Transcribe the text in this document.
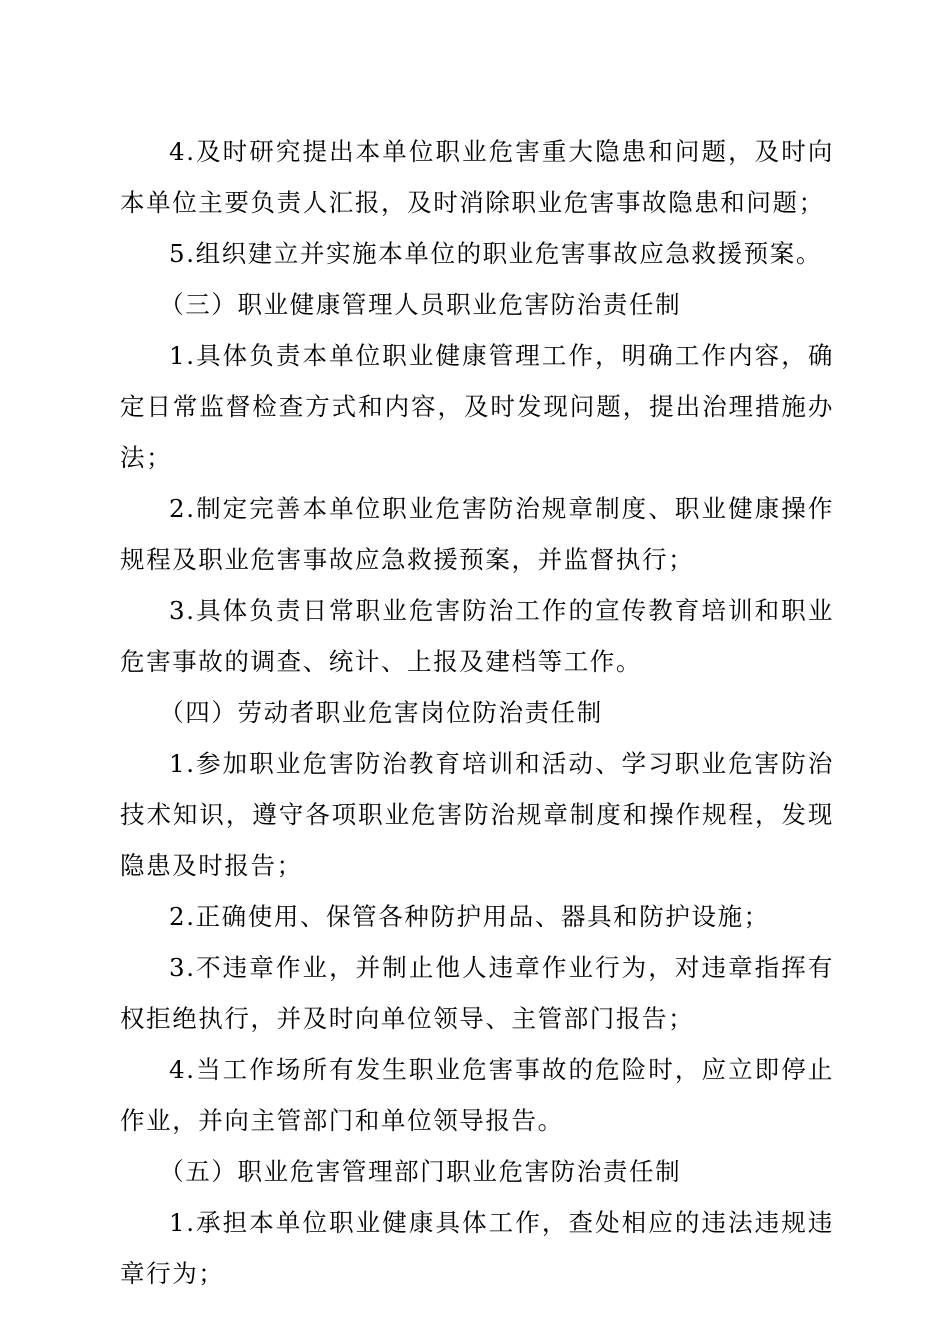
4.及时研究提出本单位职业危害重大隐患和问题，及时向本单位主要负责人汇报，及时消除职业危害事故隐患和问题；

5.组织建立并实施本单位的职业危害事故应急救援预案。

（三）职业健康管理人员职业危害防治责任制

1.具体负责本单位职业健康管理工作，明确工作内容，确定日常监督检查方式和内容，及时发现问题，提出治理措施办法；

2.制定完善本单位职业危害防治规章制度、职业健康操作规程及职业危害事故应急救援预案，并监督执行；

3.具体负责日常职业危害防治工作的宣传教育培训和职业危害事故的调查、统计、上报及建档等工作。

（四）劳动者职业危害岗位防治责任制

1.参加职业危害防治教育培训和活动、学习职业危害防治技术知识，遵守各项职业危害防治规章制度和操作规程，发现隐患及时报告；

2.正确使用、保管各种防护用品、器具和防护设施；

3.不违章作业，并制止他人违章作业行为，对违章指挥有权拒绝执行，并及时向单位领导、主管部门报告；

4.当工作场所有发生职业危害事故的危险时，应立即停止作业，并向主管部门和单位领导报告。

（五）职业危害管理部门职业危害防治责任制

1.承担本单位职业健康具体工作，查处相应的违法违规违章行为；
